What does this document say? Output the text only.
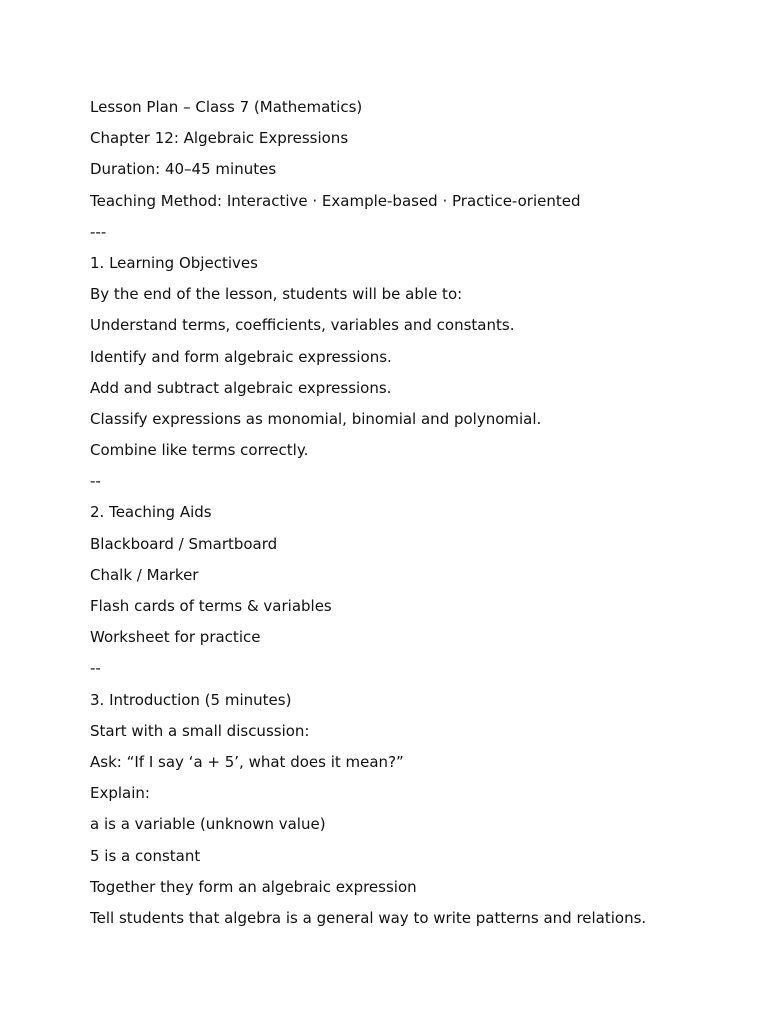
Lesson Plan – Class 7 (Mathematics)
Chapter 12: Algebraic Expressions
Duration: 40–45 minutes
Teaching Method: Interactive · Example-based · Practice-oriented
---
1. Learning Objectives
By the end of the lesson, students will be able to:
Understand terms, coefficients, variables and constants.
Identify and form algebraic expressions.
Add and subtract algebraic expressions.
Classify expressions as monomial, binomial and polynomial.
Combine like terms correctly.
--
2. Teaching Aids
Blackboard / Smartboard
Chalk / Marker
Flash cards of terms & variables
Worksheet for practice
--
3. Introduction (5 minutes)
Start with a small discussion:
Ask: “If I say ‘a + 5’, what does it mean?”
Explain:
a is a variable (unknown value)
5 is a constant
Together they form an algebraic expression
Tell students that algebra is a general way to write patterns and relations.
